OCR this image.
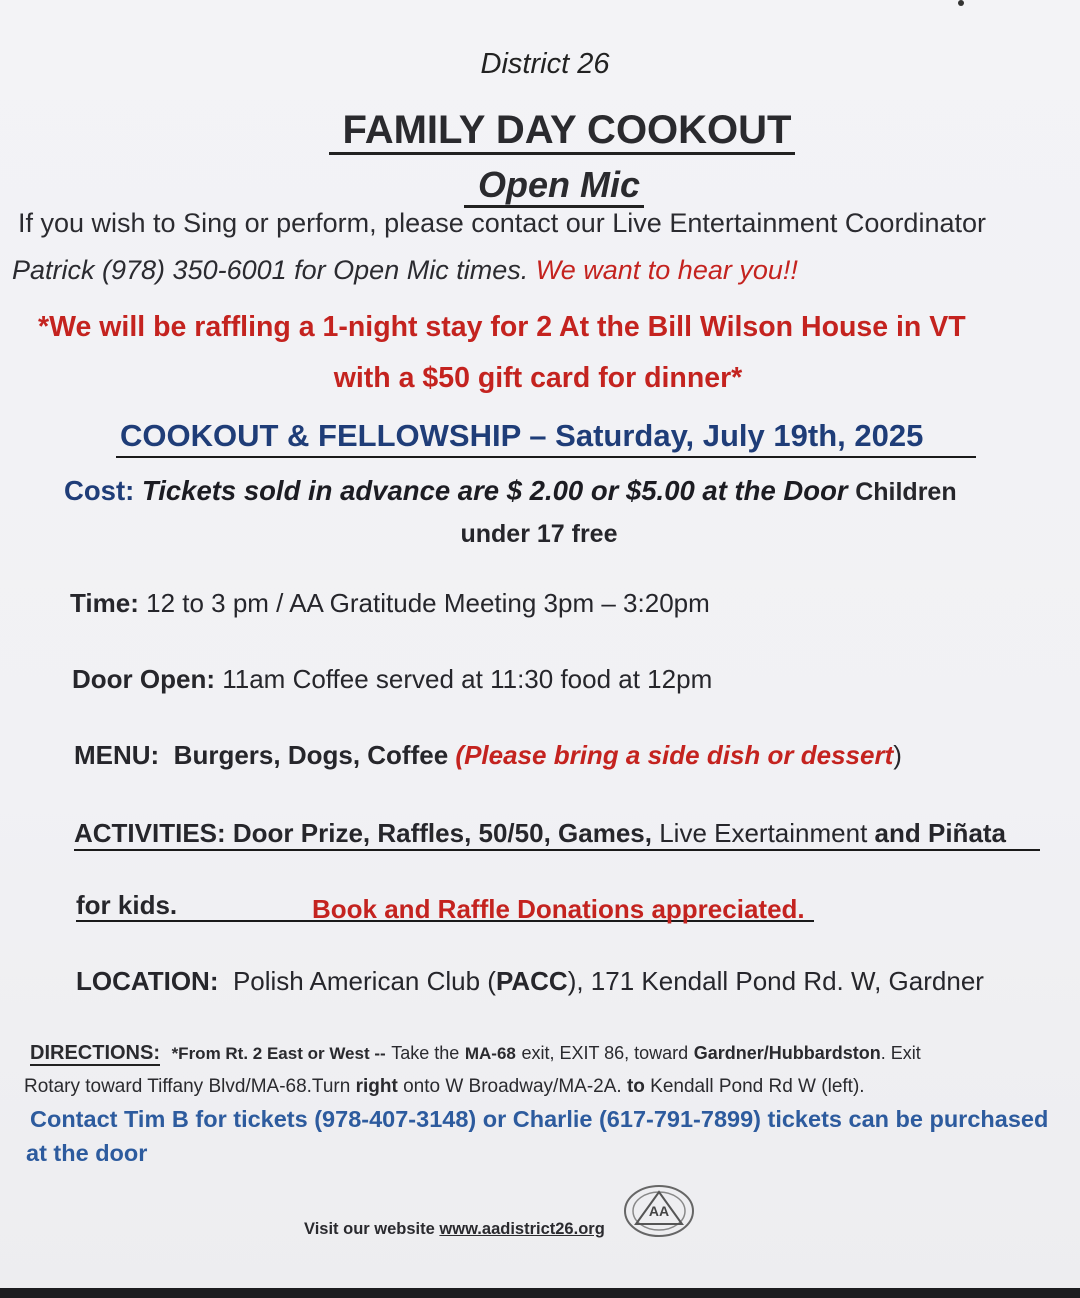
District 26
FAMILY DAY COOKOUT
Open Mic
If you wish to Sing or perform, please contact our Live Entertainment Coordinator
Patrick (978) 350-6001 for Open Mic times. We want to hear you!!
*We will be raffling a 1-night stay for 2 At the Bill Wilson House in VT
with a $50 gift card for dinner*
COOKOUT & FELLOWSHIP – Saturday, July 19th, 2025
Cost: Tickets sold in advance are $ 2.00 or $5.00 at the Door Children
under 17 free
Time: 12 to 3 pm / AA Gratitude Meeting 3pm – 3:20pm
Door Open: 11am Coffee served at 11:30 food at 12pm
MENU: Burgers, Dogs, Coffee (Please bring a side dish or dessert)
ACTIVITIES: Door Prize, Raffles, 50/50, Games, Live Exertainment and Piñata
for kids.	Book and Raffle Donations appreciated.
LOCATION: Polish American Club (PACC), 171 Kendall Pond Rd. W, Gardner
DIRECTIONS: *From Rt. 2 East or West -- Take the MA-68 exit, EXIT 86, toward Gardner/Hubbardston. Exit
Rotary toward Tiffany Blvd/MA-68.Turn right onto W Broadway/MA-2A. to Kendall Pond Rd W (left).
Contact Tim B for tickets (978-407-3148) or Charlie (617-791-7899) tickets can be purchased
at the door
Visit our website www.aadistrict26.org
AA
